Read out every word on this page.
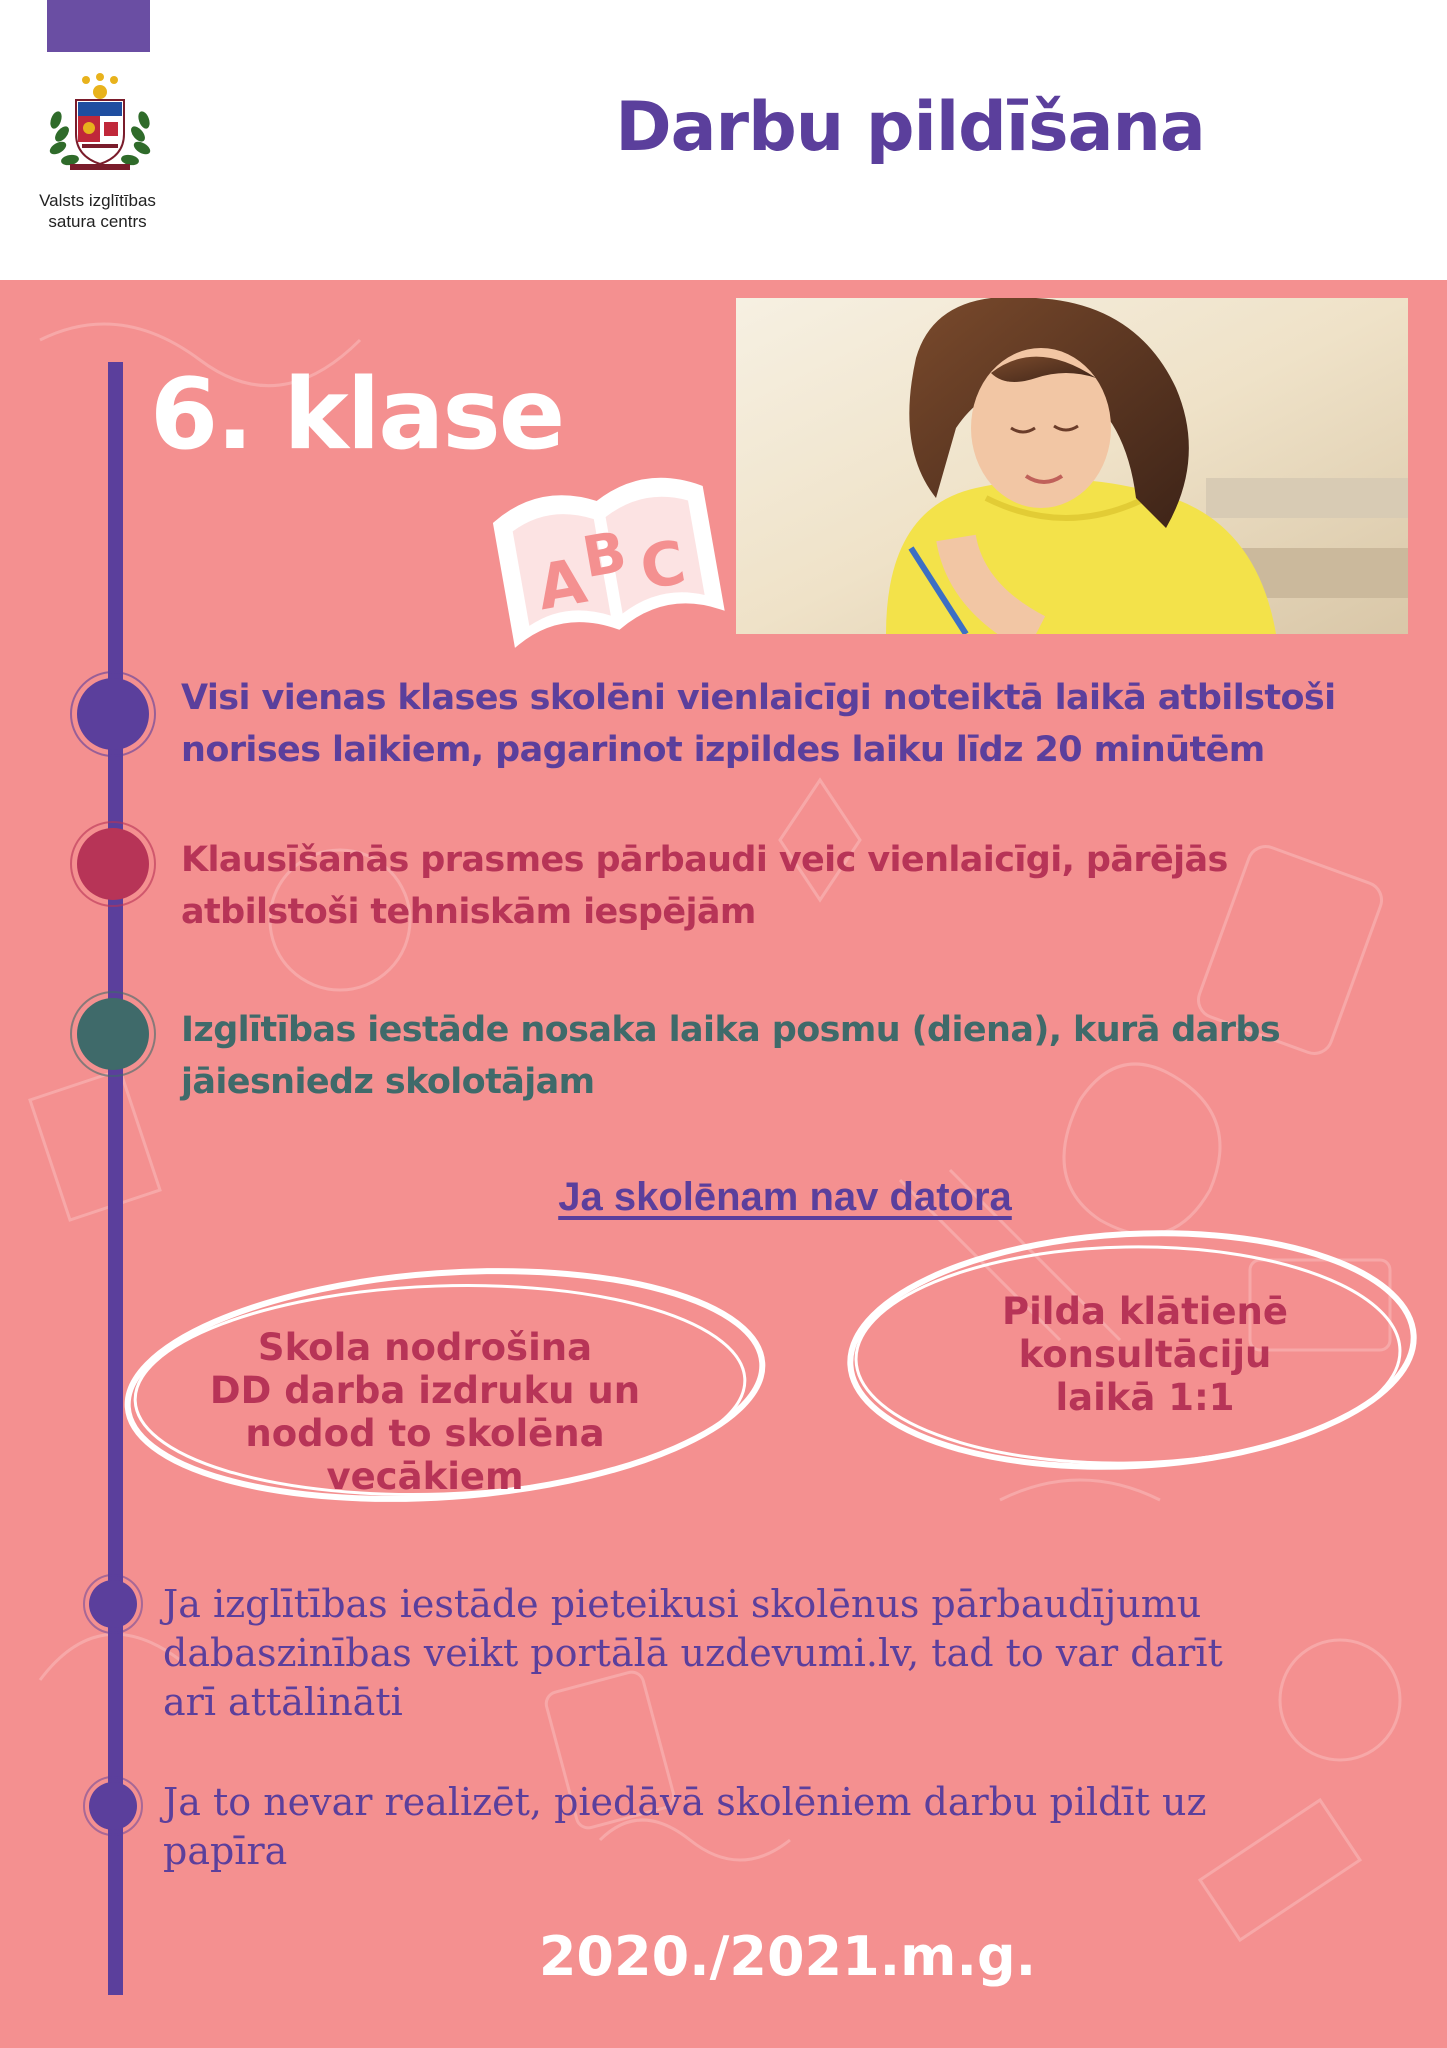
Valsts izglītības
satura centrs
Darbu pildīšana
6. klase
A
B C
Visi vienas klases skolēni vienlaicīgi noteiktā laikā atbilstoši
norises laikiem, pagarinot izpildes laiku līdz 20 minūtēm
Klausīšanās prasmes pārbaudi veic vienlaicīgi, pārējās
atbilstoši tehniskām iespējām
Izglītības iestāde nosaka laika posmu (diena), kurā darbs
jāiesniedz skolotājam
Ja skolēnam nav datora
Skola nodrošina
DD darba izdruku un
nodod to skolēna
vecākiem
Pilda klātienē
konsultāciju
laikā 1:1
Ja izglītības iestāde pieteikusi skolēnus pārbaudījumu
dabaszinības veikt portālā uzdevumi.lv, tad to var darīt
arī attālināti
Ja to nevar realizēt, piedāvā skolēniem darbu pildīt uz
papīra
2020./2021.m.g.
